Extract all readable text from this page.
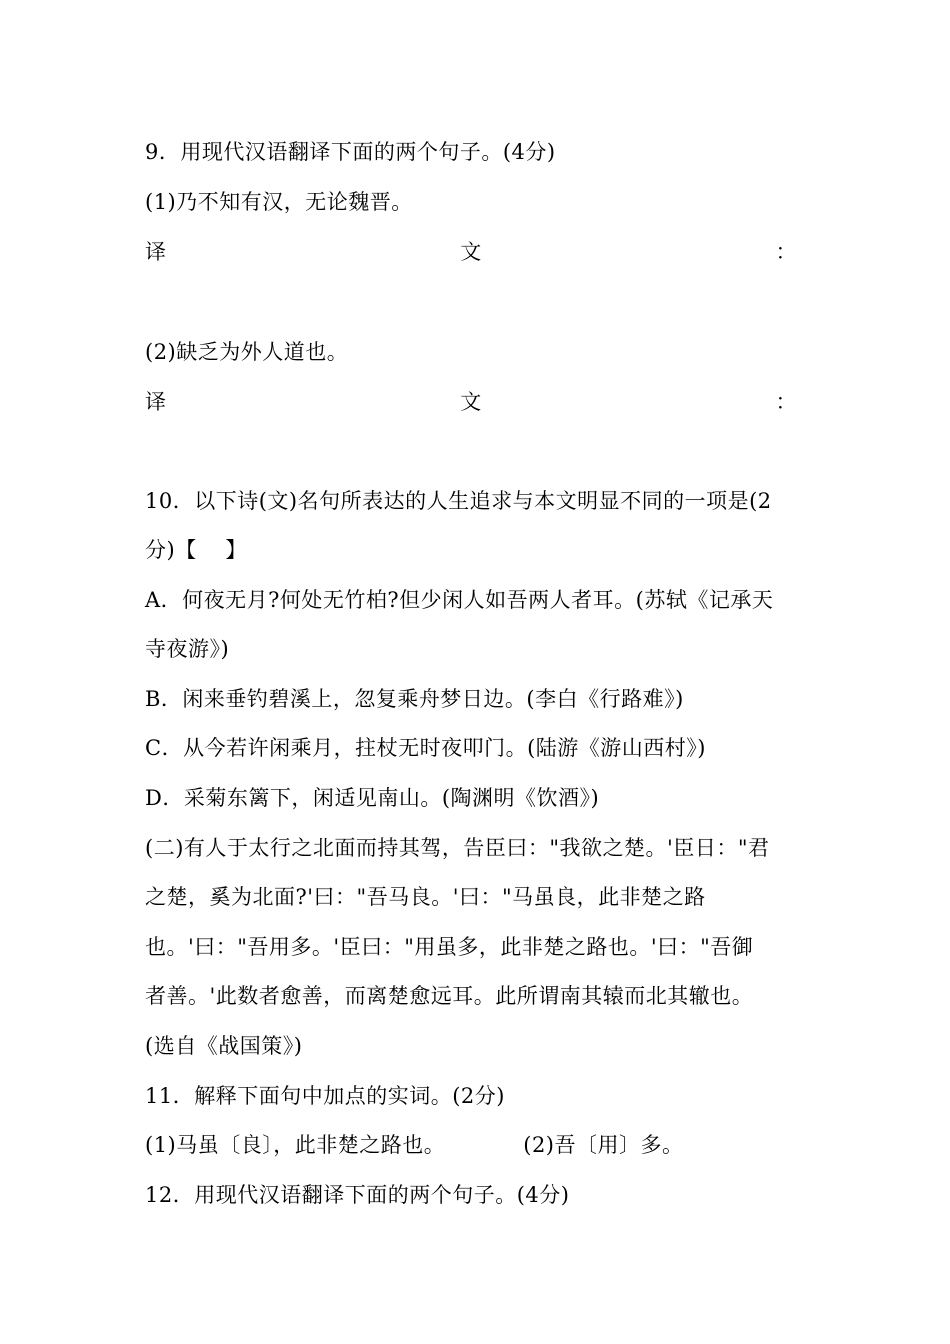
9．用现代汉语翻译下面的两个句子。(4分)
(1)乃不知有汉，无论魏晋。
译	文	：
(2)缺乏为外人道也。
译	文	：
10．以下诗(文)名句所表达的人生追求与本文明显不同的一项是(2
分)【　 】
A．何夜无月?何处无竹柏?但少闲人如吾两人者耳。(苏轼《记承天
寺夜游》)
B．闲来垂钓碧溪上，忽复乘舟梦日边。(李白《行路难》)
C．从今若许闲乘月，拄杖无时夜叩门。(陆游《游山西村》)
D．采菊东篱下，闲适见南山。(陶渊明《饮酒》)
(二)有人于太行之北面而持其驾，告臣曰："我欲之楚。'臣日："君
之楚，奚为北面?'曰："吾马良。'曰："马虽良，此非楚之路
也。'曰："吾用多。'臣曰："用虽多，此非楚之路也。'曰："吾御
者善。'此数者愈善，而离楚愈远耳。此所谓南其辕而北其辙也。
(选自《战国策》)
11．解释下面句中加点的实词。(2分)
(1)马虽〔良〕，此非楚之路也。	(2)吾〔用〕多。
12．用现代汉语翻译下面的两个句子。(4分)
